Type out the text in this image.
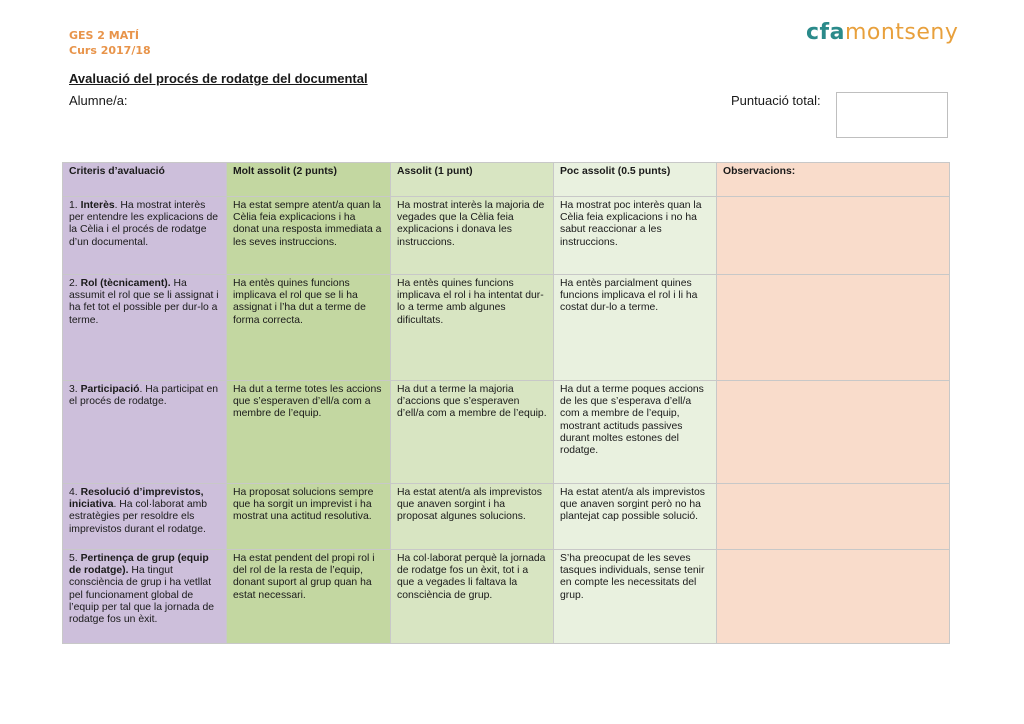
GES 2 MATÍ
Curs 2017/18
cfamontseny
Avaluació del procés de rodatge del documental
Alumne/a:	Puntuació total:
Criteris d’avaluació	Molt assolit (2 punts)	Assolit (1 punt)	Poc assolit (0.5 punts)	Observacions:
1. Interès. Ha mostrat interès per entendre les explicacions de la Cèlia i el procés de rodatge d’un documental.	Ha estat sempre atent/a quan la Cèlia feia explicacions i ha donat una resposta immediata a les seves instruccions.	Ha mostrat interès la majoria de vegades que la Cèlia feia explicacions i donava les instruccions.	Ha mostrat poc interès quan la Cèlia feia explicacions i no ha sabut reaccionar a les instruccions.	
2. Rol (tècnicament). Ha assumit el rol que se li assignat i ha fet tot el possible per dur-lo a terme.	Ha entès quines funcions implicava el rol que se li ha assignat i l’ha dut a terme de forma correcta.	Ha entès quines funcions implicava el rol i ha intentat dur-lo a terme amb algunes dificultats.	Ha entès parcialment quines funcions implicava el rol i li ha costat dur-lo a terme.	
3. Participació. Ha participat en el procés de rodatge.	Ha dut a terme totes les accions que s’esperaven d’ell/a com a membre de l’equip.	Ha dut a terme la majoria d’accions que s’esperaven d’ell/a com a membre de l’equip.	Ha dut a terme poques accions de les que s’esperava d’ell/a com a membre de l’equip, mostrant actituds passives durant moltes estones del rodatge.	
4. Resolució d’imprevistos, iniciativa. Ha col·laborat amb estratègies per resoldre els imprevistos durant el rodatge.	Ha proposat solucions sempre que ha sorgit un imprevist i ha mostrat una actitud resolutiva.	Ha estat atent/a als imprevistos que anaven sorgint i ha proposat algunes solucions.	Ha estat atent/a als imprevistos que anaven sorgint però no ha plantejat cap possible solució.	
5. Pertinença de grup (equip de rodatge). Ha tingut consciència de grup i ha vetllat pel funcionament global de l’equip per tal que la jornada de rodatge fos un èxit.	Ha estat pendent del propi rol i del rol de la resta de l’equip, donant suport al grup quan ha estat necessari.	Ha col·laborat perquè la jornada de rodatge fos un èxit, tot i a que a vegades li faltava la consciència de grup.	S’ha preocupat de les seves tasques individuals, sense tenir en compte les necessitats del grup.	
